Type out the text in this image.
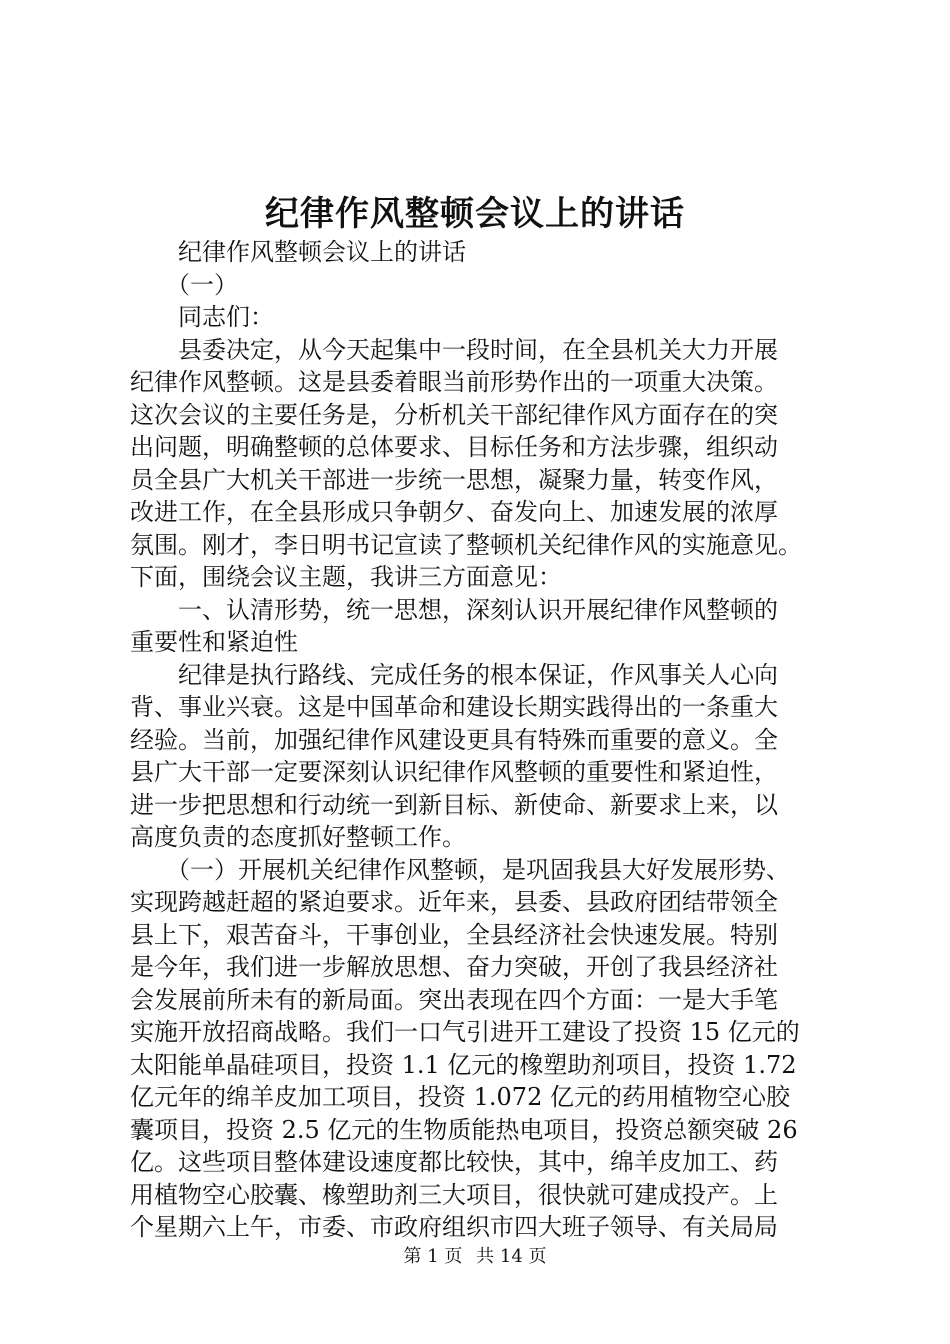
纪律作风整顿会议上的讲话
　　纪律作风整顿会议上的讲话
　　（一）
　　同志们：
　　县委决定，从今天起集中一段时间，在全县机关大力开展
纪律作风整顿。这是县委着眼当前形势作出的一项重大决策。
这次会议的主要任务是，分析机关干部纪律作风方面存在的突
出问题，明确整顿的总体要求、目标任务和方法步骤，组织动
员全县广大机关干部进一步统一思想，凝聚力量，转变作风，
改进工作，在全县形成只争朝夕、奋发向上、加速发展的浓厚
氛围。刚才，李日明书记宣读了整顿机关纪律作风的实施意见。
下面，围绕会议主题，我讲三方面意见：
　　一、认清形势，统一思想，深刻认识开展纪律作风整顿的
重要性和紧迫性
　　纪律是执行路线、完成任务的根本保证，作风事关人心向
背、事业兴衰。这是中国革命和建设长期实践得出的一条重大
经验。当前，加强纪律作风建设更具有特殊而重要的意义。全
县广大干部一定要深刻认识纪律作风整顿的重要性和紧迫性，
进一步把思想和行动统一到新目标、新使命、新要求上来，以
高度负责的态度抓好整顿工作。
　　（一）开展机关纪律作风整顿，是巩固我县大好发展形势、
实现跨越赶超的紧迫要求。近年来，县委、县政府团结带领全
县上下，艰苦奋斗，干事创业，全县经济社会快速发展。特别
是今年，我们进一步解放思想、奋力突破，开创了我县经济社
会发展前所未有的新局面。突出表现在四个方面：一是大手笔
实施开放招商战略。我们一口气引进开工建设了投资 15 亿元的
太阳能单晶硅项目，投资 1.1 亿元的橡塑助剂项目，投资 1.72
亿元年的绵羊皮加工项目，投资 1.072 亿元的药用植物空心胶
囊项目，投资 2.5 亿元的生物质能热电项目，投资总额突破 26
亿。这些项目整体建设速度都比较快，其中，绵羊皮加工、药
用植物空心胶囊、橡塑助剂三大项目，很快就可建成投产。上
个星期六上午，市委、市政府组织市四大班子领导、有关局局
第 1 页 共 14 页
